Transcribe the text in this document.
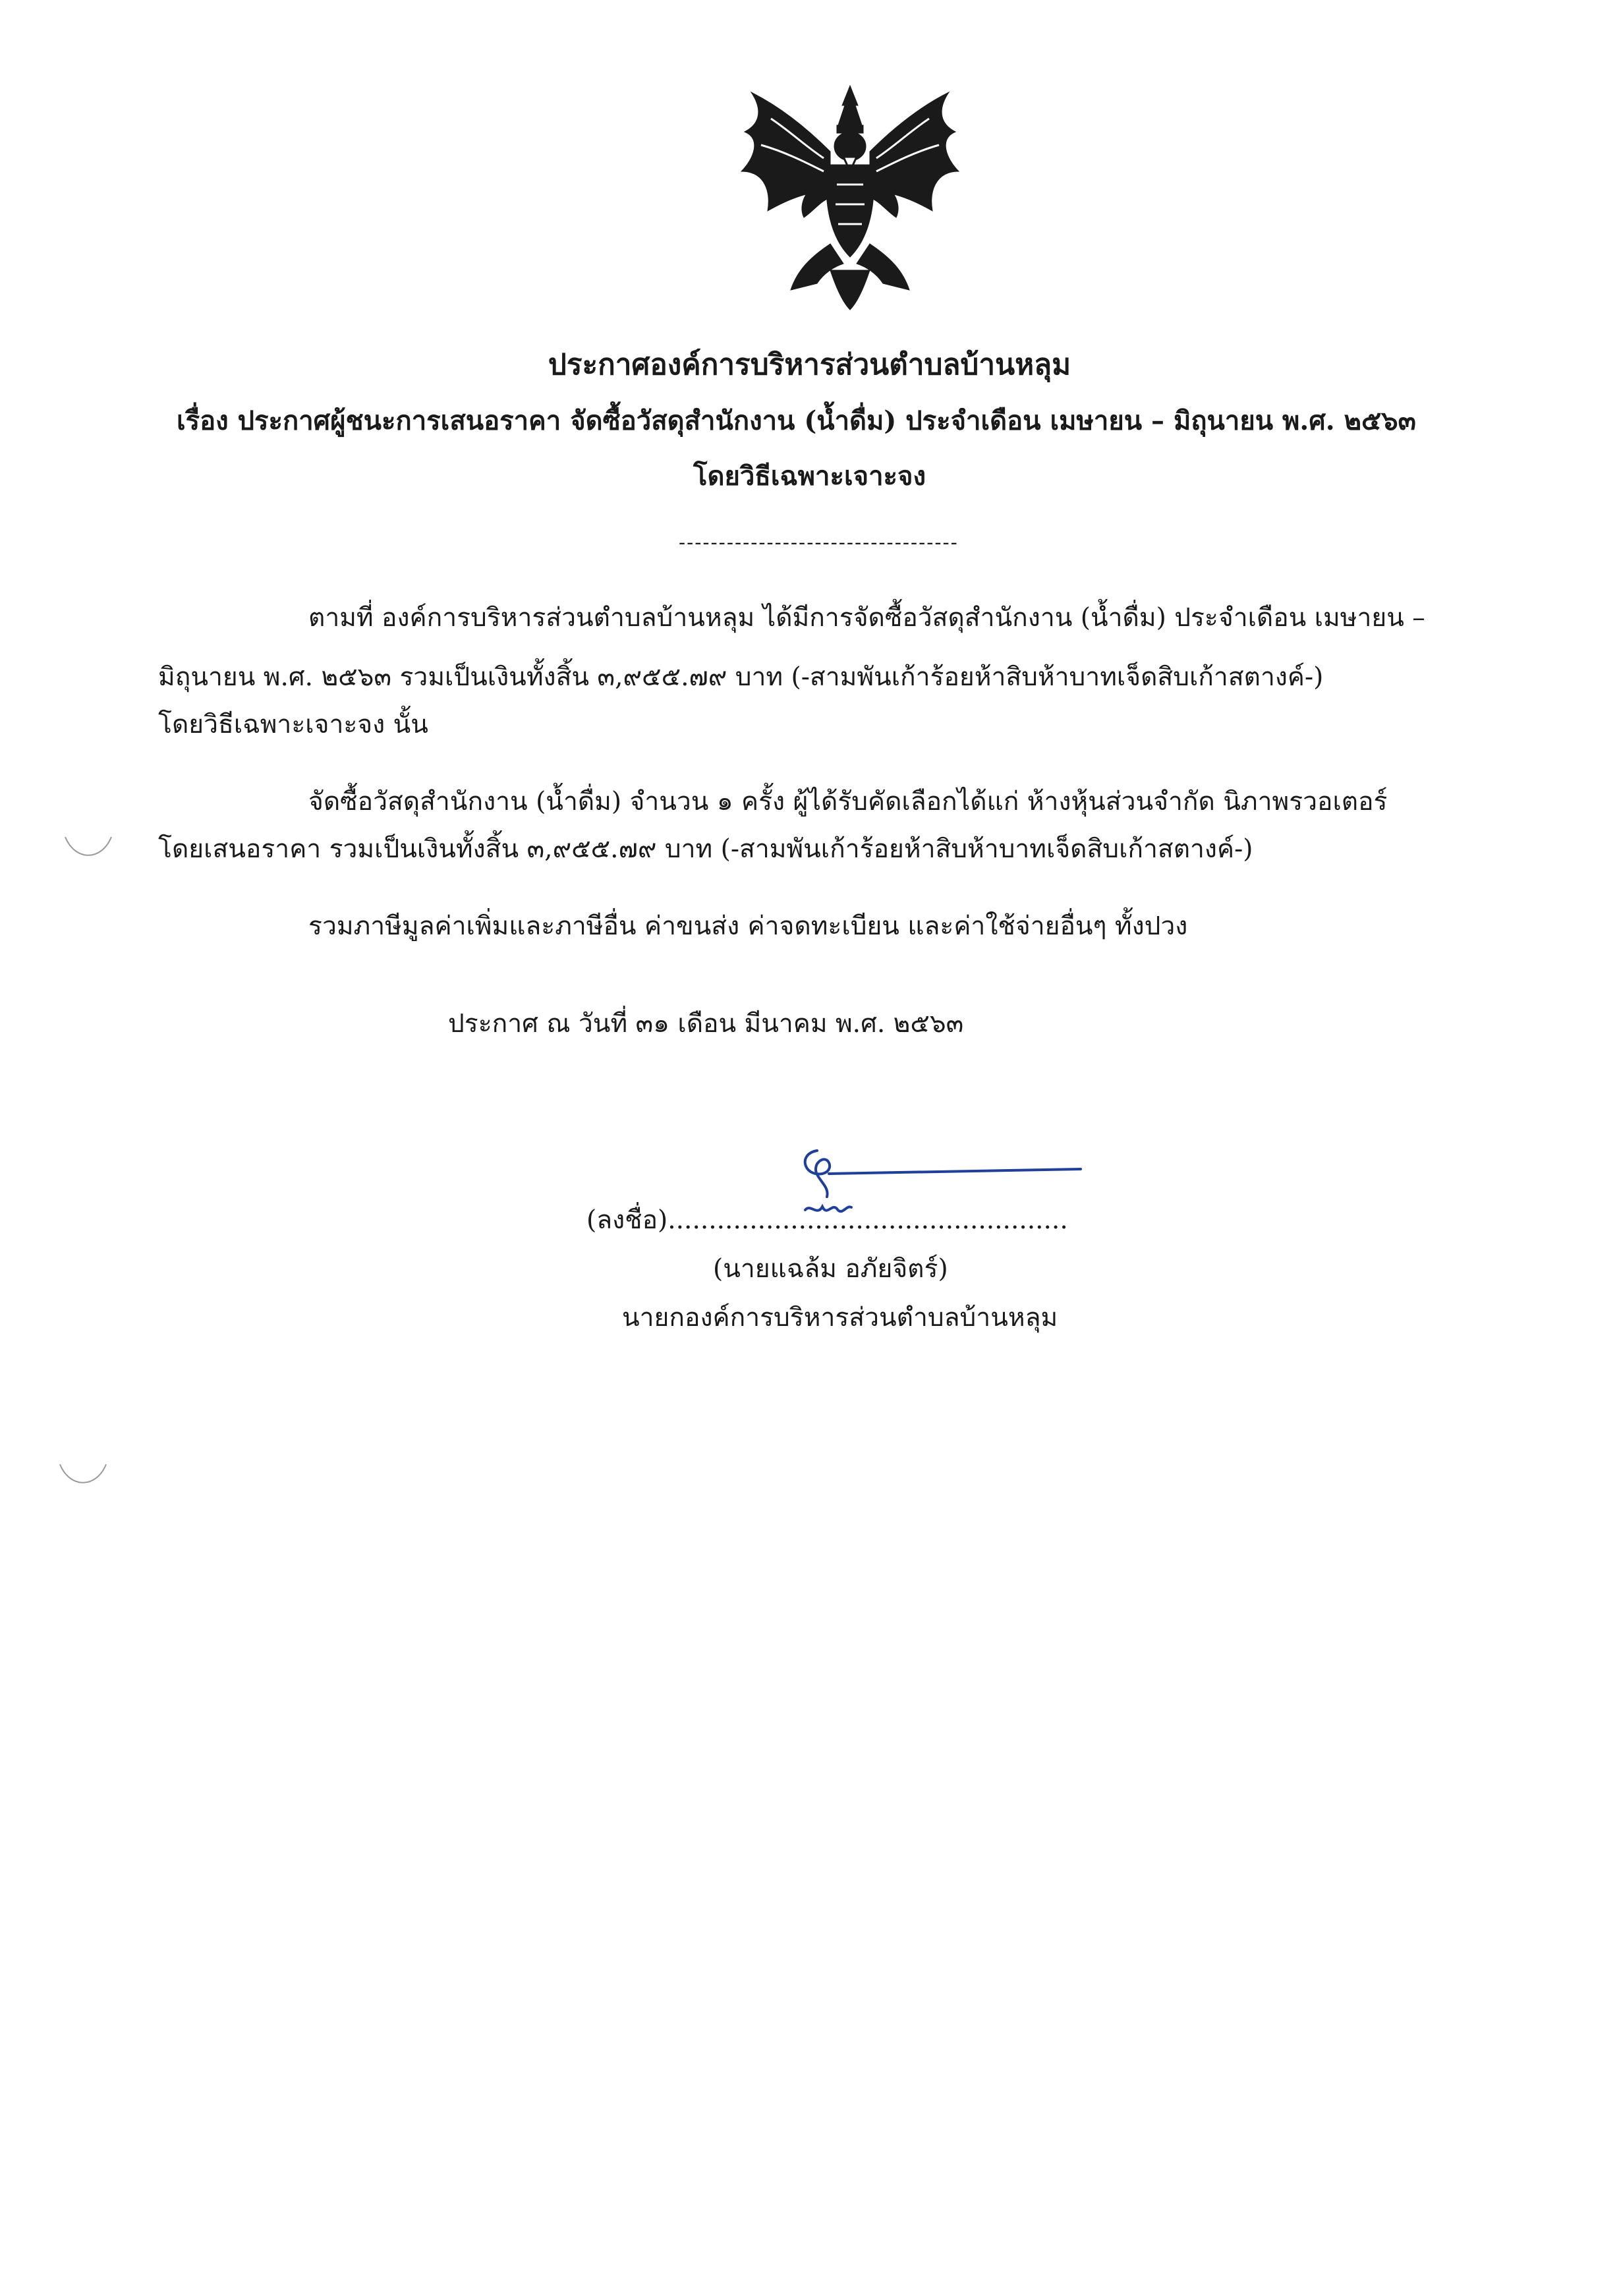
ประกาศองค์การบริหารส่วนตำบลบ้านหลุม
เรื่อง ประกาศผู้ชนะการเสนอราคา จัดซื้อวัสดุสำนักงาน (น้ำดื่ม) ประจำเดือน เมษายน – มิถุนายน พ.ศ. ๒๕๖๓
โดยวิธีเฉพาะเจาะจง
-----------------------------------
ตามที่ องค์การบริหารส่วนตำบลบ้านหลุม ได้มีการจัดซื้อวัสดุสำนักงาน (น้ำดื่ม) ประจำเดือน เมษายน –
มิถุนายน พ.ศ. ๒๕๖๓ รวมเป็นเงินทั้งสิ้น ๓,๙๕๕.๗๙ บาท (-สามพันเก้าร้อยห้าสิบห้าบาทเจ็ดสิบเก้าสตางค์-)
โดยวิธีเฉพาะเจาะจง นั้น
จัดซื้อวัสดุสำนักงาน (น้ำดื่ม) จำนวน ๑ ครั้ง ผู้ได้รับคัดเลือกได้แก่ ห้างหุ้นส่วนจำกัด นิภาพรวอเตอร์
โดยเสนอราคา รวมเป็นเงินทั้งสิ้น ๓,๙๕๕.๗๙ บาท (-สามพันเก้าร้อยห้าสิบห้าบาทเจ็ดสิบเก้าสตางค์-)
รวมภาษีมูลค่าเพิ่มและภาษีอื่น ค่าขนส่ง ค่าจดทะเบียน และค่าใช้จ่ายอื่นๆ ทั้งปวง
ประกาศ ณ วันที่ ๓๑ เดือน มีนาคม พ.ศ. ๒๕๖๓
(ลงชื่อ).................................................
(นายแฉล้ม อภัยจิตร์)
นายกองค์การบริหารส่วนตำบลบ้านหลุม
